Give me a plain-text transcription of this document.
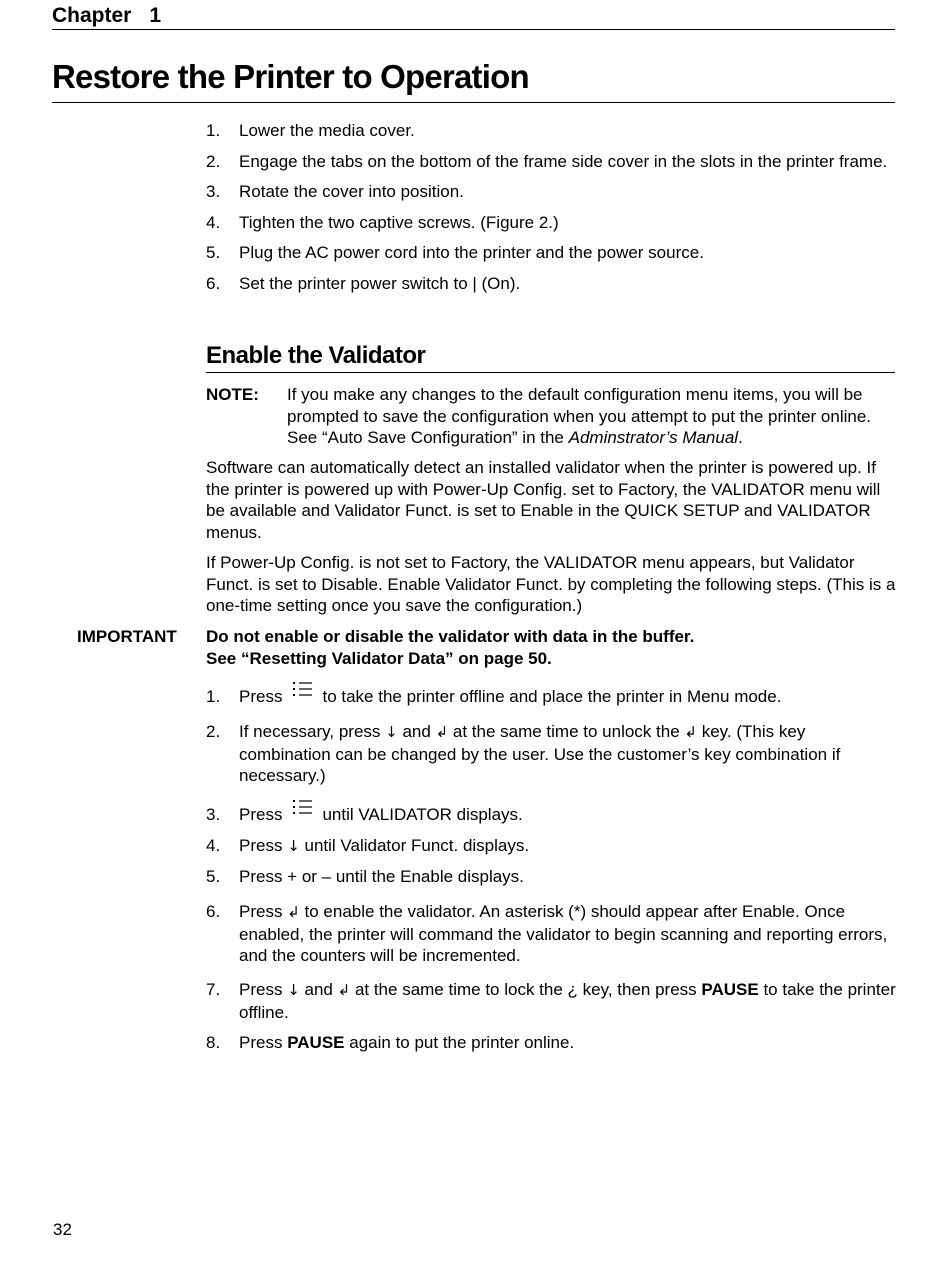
Chapter 1
Restore the Printer to Operation
1. Lower the media cover.
2. Engage the tabs on the bottom of the frame side cover in the slots in the printer frame.
3. Rotate the cover into position.
4. Tighten the two captive screws. (Figure 2.)
5. Plug the AC power cord into the printer and the power source.
6. Set the printer power switch to | (On).
Enable the Validator
NOTE: If you make any changes to the default configuration menu items, you will be prompted to save the configuration when you attempt to put the printer online. See “Auto Save Configuration” in the Adminstrator’s Manual.
Software can automatically detect an installed validator when the printer is powered up. If the printer is powered up with Power-Up Config. set to Factory, the VALIDATOR menu will be available and Validator Funct. is set to Enable in the QUICK SETUP and VALIDATOR menus.
If Power-Up Config. is not set to Factory, the VALIDATOR menu appears, but Validator Funct. is set to Disable. Enable Validator Funct. by completing the following steps. (This is a one-time setting once you save the configuration.)
IMPORTANT Do not enable or disable the validator with data in the buffer.
See “Resetting Validator Data” on page 50.
1. Press to take the printer offline and place the printer in Menu mode.
2. If necessary, press ↓ and ↲ at the same time to unlock the ↲ key. (This key combination can be changed by the user. Use the customer’s key combination if necessary.)
3. Press until VALIDATOR displays.
4. Press ↓ until Validator Funct. displays.
5. Press + or – until the Enable displays.
6. Press ↲ to enable the validator. An asterisk (*) should appear after Enable. Once enabled, the printer will command the validator to begin scanning and reporting errors, and the counters will be incremented.
7. Press ↓ and ↲ at the same time to lock the ¿ key, then press PAUSE to take the printer offline.
8. Press PAUSE again to put the printer online.
32
